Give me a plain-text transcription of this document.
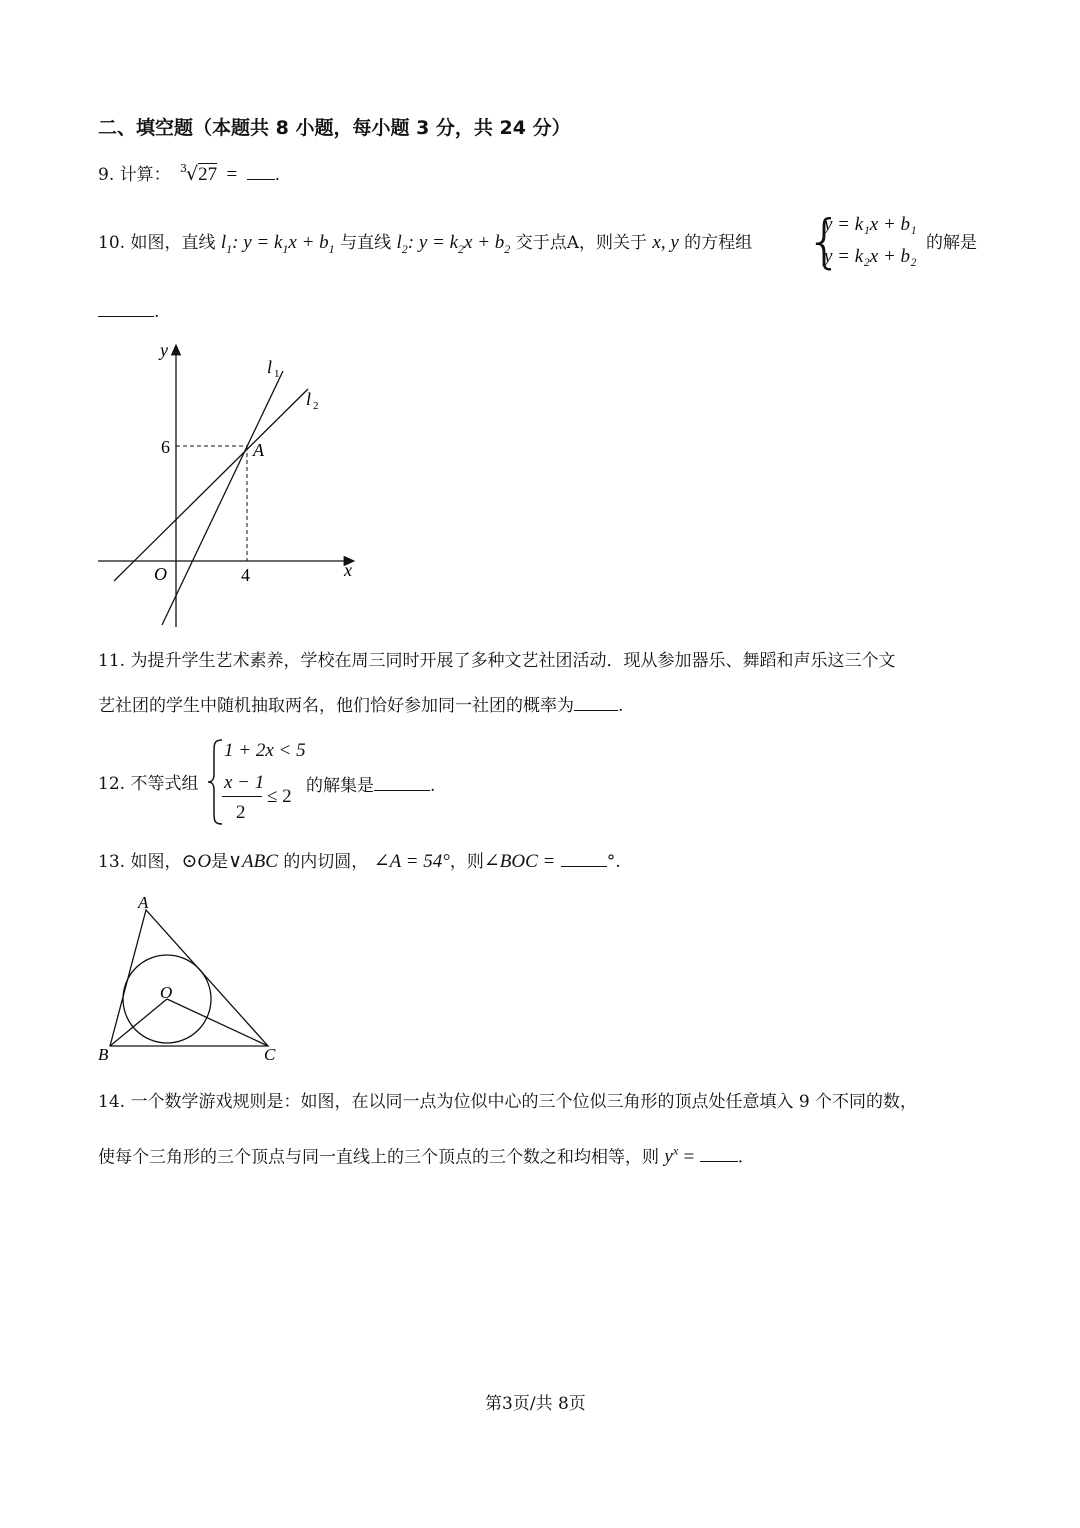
二、填空题（本题共 8 小题，每小题 3 分，共 24 分）
9. 计算： 3 √27 = .
10. 如图，直线 $l_1$: $y = k_1x + b_1$ 与直线 $l_2$: $y = k_2x + b_2$ 交于点A，则关于 x, y 的方程组 {
y = k₁x + b₁
y = k₂x + b₂
的解是
.
y
x
O
6
4
A
l 1
l 2
11. 为提升学生艺术素养，学校在周三同时开展了多种文艺社团活动．现从参加器乐、舞蹈和声乐这三个文
艺社团的学生中随机抽取两名，他们恰好参加同一社团的概率为	.
12. 不等式组
1 + 2x < 5
x − 1
2
≤ 2 的解集是	.
13. 如图，⊙O是∨ABC 的内切圆， ∠A = 54°，则∠BOC =	°.
A
B	C
O
14. 一个数学游戏规则是：如图，在以同一点为位似中心的三个位似三角形的顶点处任意填入 9 个不同的数，
使每个三角形的三个顶点与同一直线上的三个顶点的三个数之和均相等，则 $y^x$ =	.
第3页/共 8页
